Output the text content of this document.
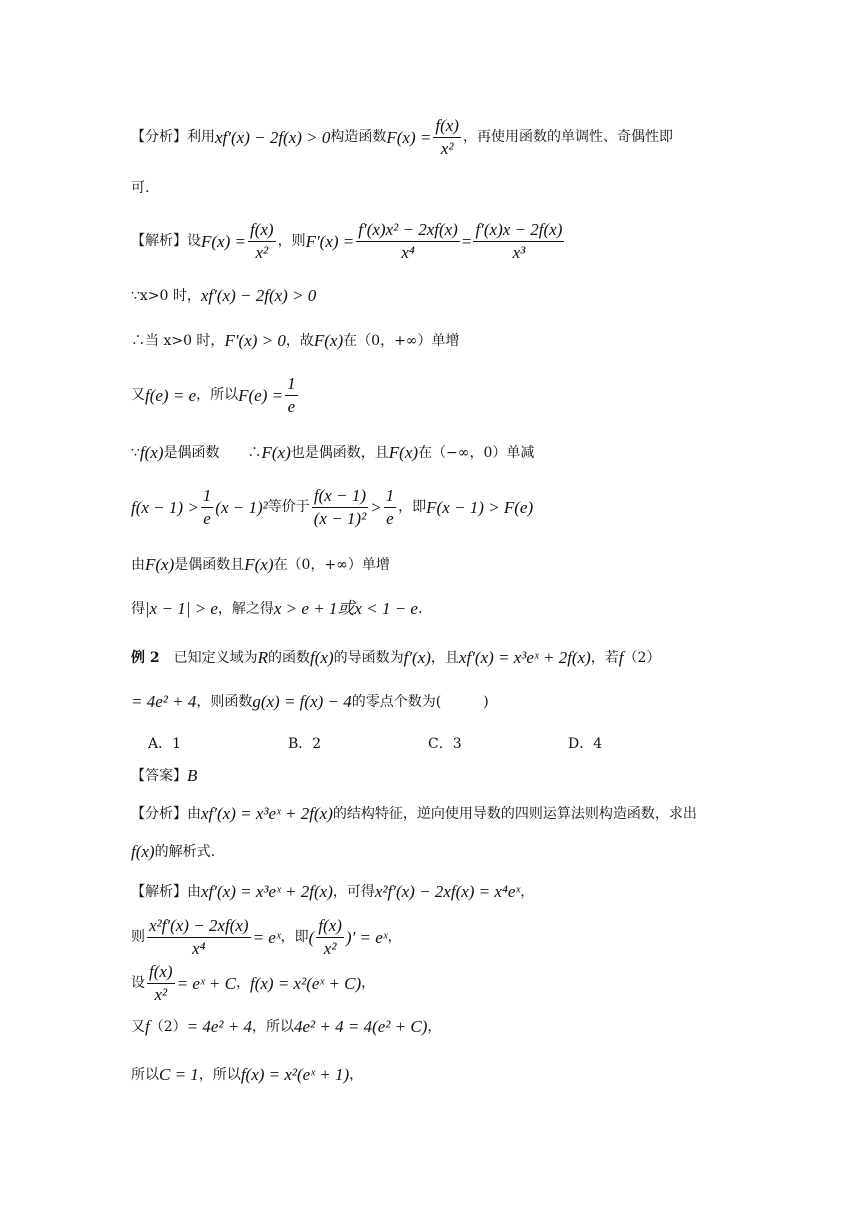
【分析】利用 xf′(x) − 2f(x) > 0 构造函数 $F(x) = \frac{f(x)}{\text{x²}}$ ，再使用函数的单调性、奇偶性即
可.
【解析】设 $F(x) = \frac{f(x)}{\text{x²}}$ ，则 $F'(x) = \frac{\text{f′(x)x² − 2xf(x)}}{\text{x⁴}} = \frac{f'(x)x - 2f(x)}{\text{x³}}$
∵x>0 时， xf′(x) − 2f(x) > 0
∴当 x>0 时， F′(x) > 0 ，故 F(x) 在（0，+∞）单增
又 f(e) = e ，所以 $F(e) = \frac{1}{e}$
∵ f(x) 是偶函数　　∴ F(x) 也是偶函数，且 F(x) 在（−∞，0）单减
$f(x - 1) > \frac{1}{e} (x - 1)^2$ 等价于 $\frac{f(x - 1)}{\text{(x − 1)²}} > \frac{1}{e}$ ，即 F(x − 1) > F(e)
由 F(x) 是偶函数且 F(x) 在（0，+∞）单增
得 |x − 1| > e ，解之得 x > e + 1或x < 1 − e .
例 2 　已知定义域为 R 的函数 f(x) 的导函数为 f′(x) ，且 xf′(x) = x³eˣ + 2f(x) ，若 f （2）
= 4e² + 4 ，则函数 g(x) = f(x) − 4 的零点个数为(　　　)
A．1	B．2	C．3	D．4
【答案】 B
【分析】由 xf′(x) = x³eˣ + 2f(x) 的结构特征，逆向使用导数的四则运算法则构造函数，求出
f(x) 的解析式.
【解析】由 xf′(x) = x³eˣ + 2f(x) ，可得 x²f′(x) − 2xf(x) = x⁴eˣ ，
则 $\frac{\text{x²f′(x) − 2xf(x)}}{\text{x⁴}}$ = eˣ ，即 ( $\frac{f(x)}{\text{x²}}$ )′ = eˣ ，
设 $\frac{f(x)}{\text{x²}}$ = eˣ + C ， f(x) = x²(eˣ + C) ，
又 f （2） = 4e² + 4 ，所以 4e² + 4 = 4(e² + C) ，
所以 C = 1 ，所以 f(x) = x²(eˣ + 1) ，
